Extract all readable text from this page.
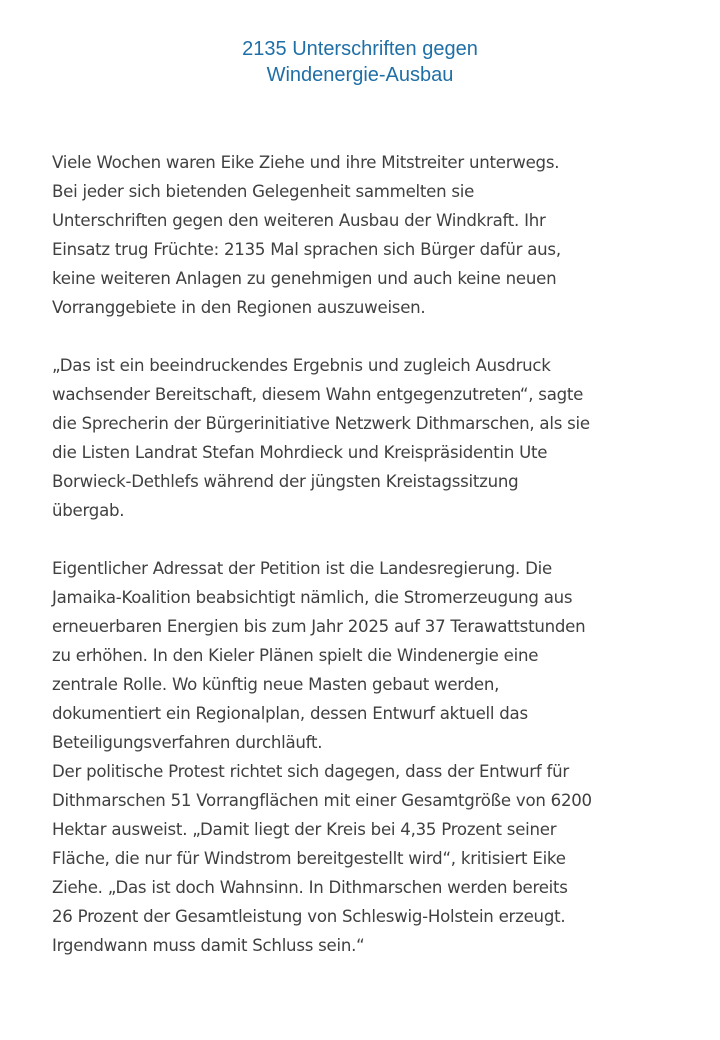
2135 Unterschriften gegen
Windenergie-Ausbau

Viele Wochen waren Eike Ziehe und ihre Mitstreiter unterwegs.
Bei jeder sich bietenden Gelegenheit sammelten sie
Unterschriften gegen den weiteren Ausbau der Windkraft. Ihr
Einsatz trug Früchte: 2135 Mal sprachen sich Bürger dafür aus,
keine weiteren Anlagen zu genehmigen und auch keine neuen
Vorranggebiete in den Regionen auszuweisen.

„Das ist ein beeindruckendes Ergebnis und zugleich Ausdruck
wachsender Bereitschaft, diesem Wahn entgegenzutreten“, sagte
die Sprecherin der Bürgerinitiative Netzwerk Dithmarschen, als sie
die Listen Landrat Stefan Mohrdieck und Kreispräsidentin Ute
Borwieck-Dethlefs während der jüngsten Kreistagssitzung
übergab.

Eigentlicher Adressat der Petition ist die Landesregierung. Die
Jamaika-Koalition beabsichtigt nämlich, die Stromerzeugung aus
erneuerbaren Energien bis zum Jahr 2025 auf 37 Terawattstunden
zu erhöhen. In den Kieler Plänen spielt die Windenergie eine
zentrale Rolle. Wo künftig neue Masten gebaut werden,
dokumentiert ein Regionalplan, dessen Entwurf aktuell das
Beteiligungsverfahren durchläuft.
Der politische Protest richtet sich dagegen, dass der Entwurf für
Dithmarschen 51 Vorrangflächen mit einer Gesamtgröße von 6200
Hektar ausweist. „Damit liegt der Kreis bei 4,35 Prozent seiner
Fläche, die nur für Windstrom bereitgestellt wird“, kritisiert Eike
Ziehe. „Das ist doch Wahnsinn. In Dithmarschen werden bereits
26 Prozent der Gesamtleistung von Schleswig-Holstein erzeugt.
Irgendwann muss damit Schluss sein.“
